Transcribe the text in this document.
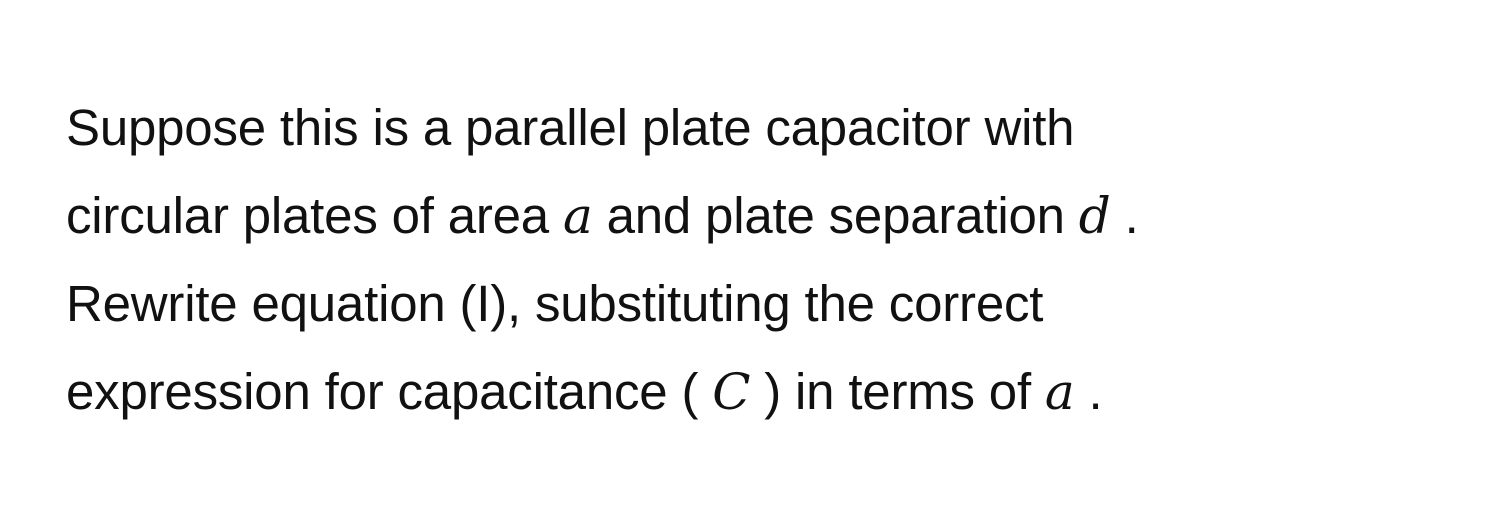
Suppose this is a parallel plate capacitor with
circular plates of area a and plate separation d .
Rewrite equation (I), substituting the correct
expression for capacitance ( C ) in terms of a .
